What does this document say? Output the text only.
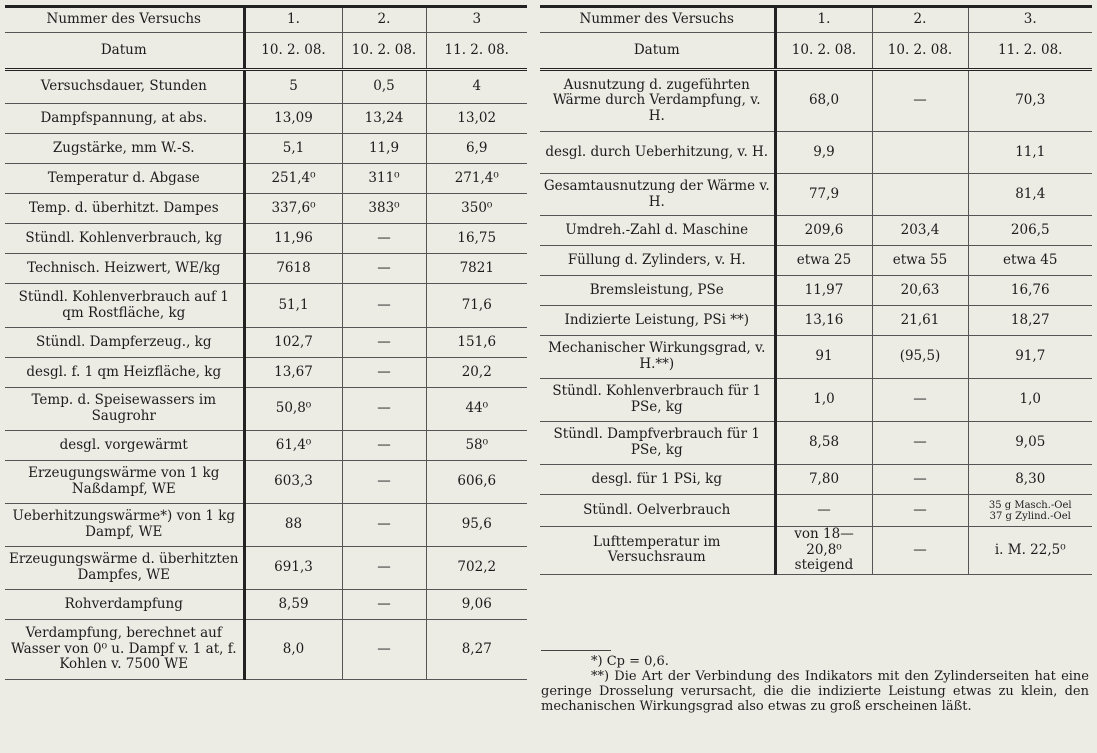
Nummer des Versuchs	1.	2.	3
Datum	10. 2. 08.	10. 2. 08.	11. 2. 08.
Versuchsdauer, Stunden	5	0,5	4
Dampfspannung, at abs.	13,09	13,24	13,02
Zugstärke, mm W.-S.	5,1	11,9	6,9
Temperatur d. Abgase	251,4⁰	311⁰	271,4⁰
Temp. d. überhitzt. Dampes	337,6⁰	383⁰	350⁰
Stündl. Kohlenverbrauch, kg	11,96	—	16,75
Technisch. Heizwert, WE/kg	7618	—	7821
Stündl. Kohlenverbrauch auf 1 qm Rostfläche, kg	51,1	—	71,6
Stündl. Dampferzeug., kg	102,7	—	151,6
desgl. f. 1 qm Heizfläche, kg	13,67	—	20,2
Temp. d. Speisewassers im Saugrohr	50,8⁰	—	44⁰
desgl. vorgewärmt	61,4⁰	—	58⁰
Erzeugungswärme von 1 kg Naßdampf, WE	603,3	—	606,6
Ueberhitzungswärme*) von 1 kg Dampf, WE	88	—	95,6
Erzeugungswärme d. überhitzten Dampfes, WE	691,3	—	702,2
Rohverdampfung	8,59	—	9,06
Verdampfung, berechnet auf Wasser von 0⁰ u. Dampf v. 1 at, f. Kohlen v. 7500 WE	8,0	—	8,27
Nummer des Versuchs	1.	2.	3.
Datum	10. 2. 08.	10. 2. 08.	11. 2. 08.
Ausnutzung d. zugeführten Wärme durch Verdampfung, v. H.	68,0	—	70,3
desgl. durch Ueberhitzung, v. H.	9,9		11,1
Gesamtausnutzung der Wärme v. H.	77,9		81,4
Umdreh.-Zahl d. Maschine	209,6	203,4	206,5
Füllung d. Zylinders, v. H.	etwa 25	etwa 55	etwa 45
Bremsleistung, PSe	11,97	20,63	16,76
Indizierte Leistung, PSi **)	13,16	21,61	18,27
Mechanischer Wirkungsgrad, v. H.**)	91	(95,5)	91,7
Stündl. Kohlenverbrauch für 1 PSe, kg	1,0	—	1,0
Stündl. Dampfverbrauch für 1 PSe, kg	8,58	—	9,05
desgl. für 1 PSi, kg	7,80	—	8,30
Stündl. Oelverbrauch	—	—	35 g Masch.-Oel
37 g Zylind.-Oel
Lufttemperatur im Versuchsraum	von 18—20,8⁰ steigend	—	i. M. 22,5⁰

*) Cp = 0,6.

**) Die Art der Verbindung des Indikators mit den Zylinderseiten hat eine geringe Drosselung verursacht, die die indizierte Leistung etwas zu klein, den mechanischen Wirkungsgrad also etwas zu groß erscheinen läßt.
